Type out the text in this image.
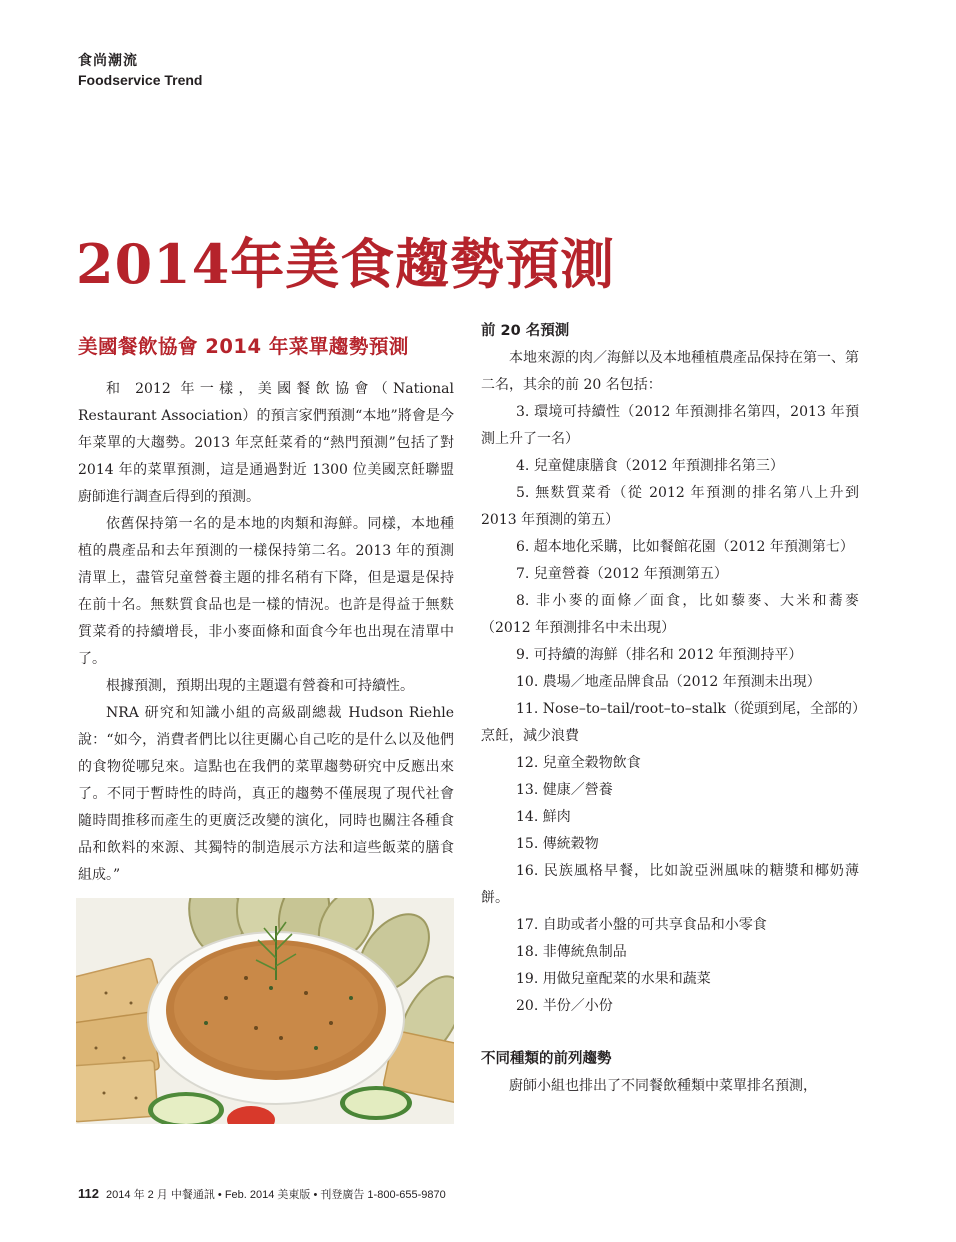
食尚潮流
Foodservice Trend
2014年美食趨勢預測
美國餐飲協會 2014 年菜單趨勢預測

和 2012 年一樣，美國餐飲協會（National Restaurant Association）的預言家們預測“本地”將會是今年菜單的大趨勢。2013 年烹飪菜肴的“熱門預測”包括了對 2014 年的菜單預測，這是通過對近 1300 位美國烹飪聯盟廚師進行調查后得到的預測。

依舊保持第一名的是本地的肉類和海鮮。同樣，本地種植的農產品和去年預測的一樣保持第二名。2013 年的預測清單上，盡管兒童營養主題的排名稍有下降，但是還是保持在前十名。無麩質食品也是一樣的情況。也許是得益于無麩質菜肴的持續增長，非小麥面條和面食今年也出現在清單中了。

根據預測，預期出現的主題還有營養和可持續性。

NRA 研究和知識小組的高級副總裁 Hudson Riehle 說：“如今，消費者們比以往更關心自己吃的是什么以及他們的食物從哪兒來。這點也在我們的菜單趨勢研究中反應出來了。不同于暫時性的時尚，真正的趨勢不僅展現了現代社會隨時間推移而產生的更廣泛改變的演化，同時也關注各種食品和飲料的來源、其獨特的制造展示方法和這些飯菜的膳食組成。”

前 20 名預測

本地來源的肉／海鮮以及本地種植農產品保持在第一、第二名，其余的前 20 名包括：

3. 環境可持續性（2012 年預測排名第四，2013 年預測上升了一名）
4. 兒童健康膳食（2012 年預測排名第三）
5. 無麩質菜肴（從 2012 年預測的排名第八上升到 2013 年預測的第五）
6. 超本地化采購，比如餐館花園（2012 年預測第七）
7. 兒童營養（2012 年預測第五）
8. 非小麥的面條／面食，比如藜麥、大米和蕎麥（2012 年預測排名中未出現）
9. 可持續的海鮮（排名和 2012 年預測持平）
10. 農場／地產品牌食品（2012 年預測未出現）
11. Nose–to–tail/root–to–stalk（從頭到尾，全部的）烹飪，減少浪費
12. 兒童全穀物飲食
13. 健康／營養
14. 鮮肉
15. 傳統穀物
16. 民族風格早餐，比如說亞洲風味的糖漿和椰奶薄餅。
17. 自助或者小盤的可共享食品和小零食
18. 非傳統魚制品
19. 用做兒童配菜的水果和蔬菜
20. 半份／小份
不同種類的前列趨勢

廚師小組也排出了不同餐飲種類中菜單排名預測，

112 2014 年 2 月 中餐通訊 • Feb. 2014 美東版 • 刊登廣告 1-800-655-9870
